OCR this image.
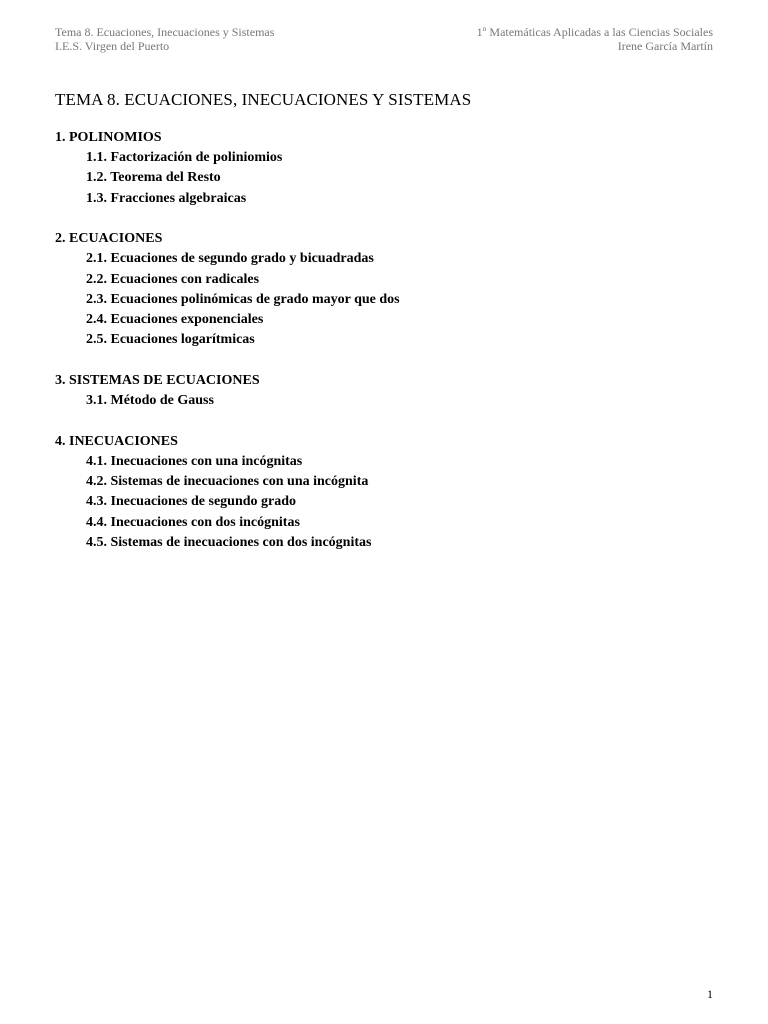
Tema 8. Ecuaciones, Inecuaciones y Sistemas
I.E.S. Virgen del Puerto
1º Matemáticas Aplicadas a las Ciencias Sociales
Irene García Martín
TEMA 8. ECUACIONES, INECUACIONES Y SISTEMAS
1. POLINOMIOS
1.1. Factorización de poliniomios
1.2. Teorema del Resto
1.3. Fracciones algebraicas
2. ECUACIONES
2.1. Ecuaciones de segundo grado y bicuadradas
2.2. Ecuaciones con radicales
2.3. Ecuaciones polinómicas de grado mayor que dos
2.4. Ecuaciones exponenciales
2.5. Ecuaciones logarítmicas
3. SISTEMAS DE ECUACIONES
3.1. Método de Gauss
4. INECUACIONES
4.1. Inecuaciones con una incógnitas
4.2. Sistemas de inecuaciones con una incógnita
4.3. Inecuaciones de segundo grado
4.4. Inecuaciones con dos incógnitas
4.5. Sistemas de inecuaciones con dos incógnitas
1
